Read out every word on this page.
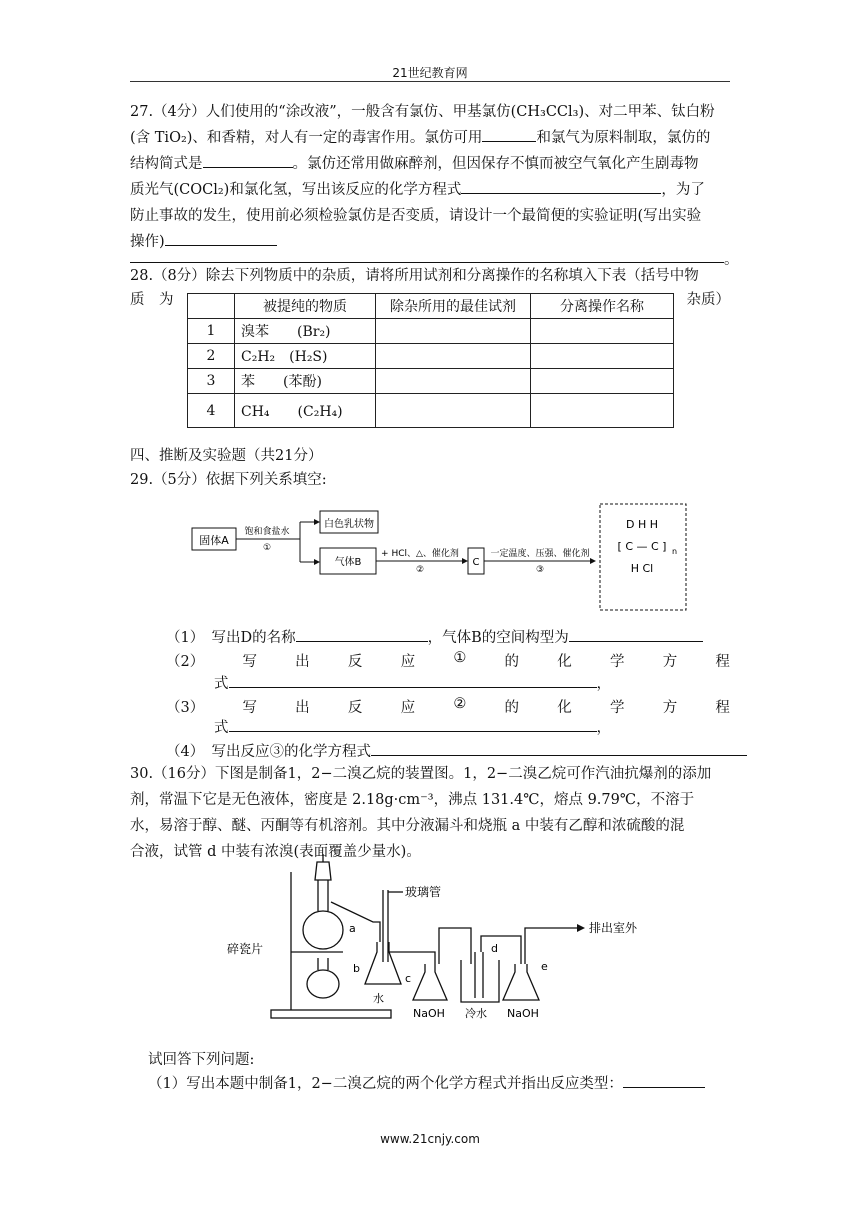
21世纪教育网
27.（4分）人们使用的“涂改液”，一般含有氯仿、甲基氯仿(CH₃CCl₃)、对二甲苯、钛白粉
(含 TiO₂)、和香精，对人有一定的毒害作用。氯仿可用	和氯气为原料制取，氯仿的
结构简式是	。氯仿还常用做麻醉剂，但因保存不慎而被空气氧化产生剧毒物
质光气(COCl₂)和氯化氢，写出该反应的化学方程式	，为了
防止事故的发生，使用前必须检验氯仿是否变质，请设计一个最简便的实验证明(写出实验
操作)
。
28.（8分）除去下列物质中的杂质，请将所用试剂和分离操作的名称填入下表（括号中物
质　为	杂质）
	被提纯的物质	除杂所用的最佳试剂	分离操作名称
1	溴苯　　(Br₂)		
2	C₂H₂　(H₂S)		
3	苯　　(苯酚)		
4	CH₄　　(C₂H₄)		
四、推断及实验题（共21分）
29.（5分）依据下列关系填空:
固体A
饱和食盐水
①
白色乳状物
气体B
+ HCl、△、催化剂
②
C
一定温度、压强、催化剂
③
D H H
[ C — C ] n
H Cl
（1）　写出D的名称	，气体B的空间构型为
（2）	写	出	反	应	①	的	化	学	方	程
式	，
（3）	写	出	反	应	②	的	化	学	方	程
式	，
（4）　写出反应③的化学方程式
30.（16分）下图是制备1，2−二溴乙烷的装置图。1，2−二溴乙烷可作汽油抗爆剂的添加
剂，常温下它是无色液体，密度是 2.18g·cm⁻³，沸点 131.4℃，熔点 9.79℃，不溶于
水，易溶于醇、醚、丙酮等有机溶剂。其中分液漏斗和烧瓶 a 中装有乙醇和浓硫酸的混
合液，试管 d 中装有浓溴(表面覆盖少量水)。
玻璃管
排出室外
碎瓷片
a
b
c
d
e
水
NaOH 冷水 NaOH
试回答下列问题:
（1）写出本题中制备1，2−二溴乙烷的两个化学方程式并指出反应类型：
www.21cnjy.com
